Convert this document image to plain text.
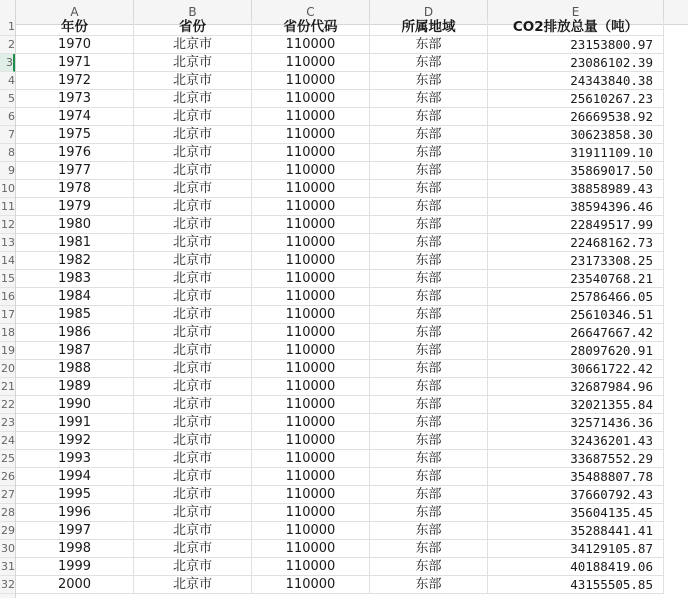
A	B	C	D	E
1
2
3
4
5
6
7
8
9
10
11
12
13
14
15
16
17
18
19
20
21
22
23
24
25
26
27
28
29
30
31
32
年份	省份	省份代码	所属地域	CO2排放总量（吨）
1970	北京市	110000	东部	23153800.97
1971	北京市	110000	东部	23086102.39
1972	北京市	110000	东部	24343840.38
1973	北京市	110000	东部	25610267.23
1974	北京市	110000	东部	26669538.92
1975	北京市	110000	东部	30623858.30
1976	北京市	110000	东部	31911109.10
1977	北京市	110000	东部	35869017.50
1978	北京市	110000	东部	38858989.43
1979	北京市	110000	东部	38594396.46
1980	北京市	110000	东部	22849517.99
1981	北京市	110000	东部	22468162.73
1982	北京市	110000	东部	23173308.25
1983	北京市	110000	东部	23540768.21
1984	北京市	110000	东部	25786466.05
1985	北京市	110000	东部	25610346.51
1986	北京市	110000	东部	26647667.42
1987	北京市	110000	东部	28097620.91
1988	北京市	110000	东部	30661722.42
1989	北京市	110000	东部	32687984.96
1990	北京市	110000	东部	32021355.84
1991	北京市	110000	东部	32571436.36
1992	北京市	110000	东部	32436201.43
1993	北京市	110000	东部	33687552.29
1994	北京市	110000	东部	35488807.78
1995	北京市	110000	东部	37660792.43
1996	北京市	110000	东部	35604135.45
1997	北京市	110000	东部	35288441.41
1998	北京市	110000	东部	34129105.87
1999	北京市	110000	东部	40188419.06
2000	北京市	110000	东部	43155505.85
